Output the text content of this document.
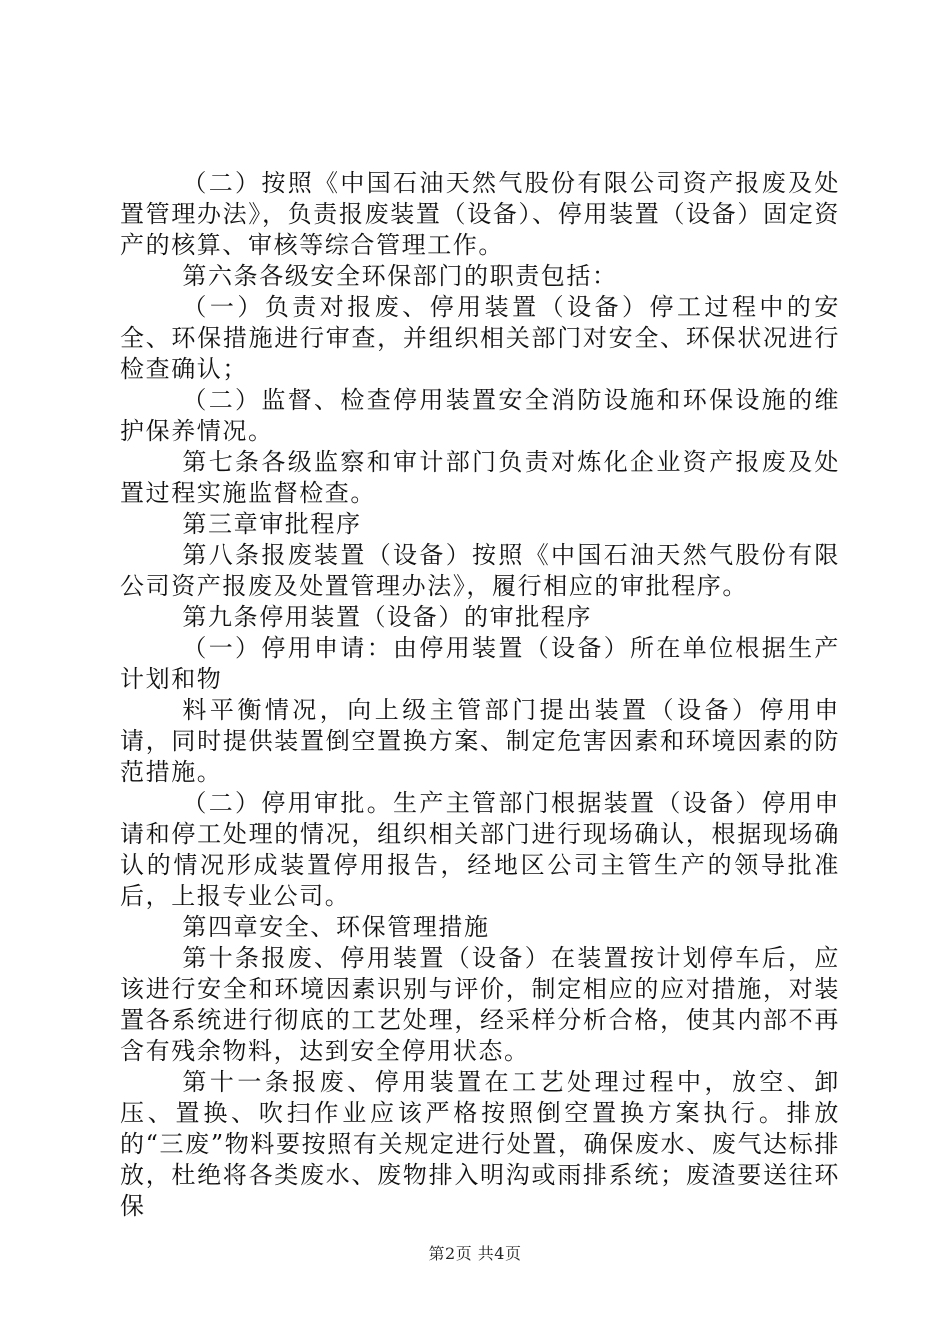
（二）按照《中国石油天然气股份有限公司资产报废及处置管理办法》，负责报废装置（设备）、停用装置（设备）固定资产的核算、审核等综合管理工作。

第六条各级安全环保部门的职责包括：

（一）负责对报废、停用装置（设备）停工过程中的安全、环保措施进行审查，并组织相关部门对安全、环保状况进行检查确认；

（二）监督、检查停用装置安全消防设施和环保设施的维护保养情况。

第七条各级监察和审计部门负责对炼化企业资产报废及处置过程实施监督检查。

第三章审批程序

第八条报废装置（设备）按照《中国石油天然气股份有限公司资产报废及处置管理办法》，履行相应的审批程序。

第九条停用装置（设备）的审批程序

（一）停用申请：由停用装置（设备）所在单位根据生产计划和物

料平衡情况，向上级主管部门提出装置（设备）停用申请，同时提供装置倒空置换方案、制定危害因素和环境因素的防范措施。

（二）停用审批。生产主管部门根据装置（设备）停用申请和停工处理的情况，组织相关部门进行现场确认，根据现场确认的情况形成装置停用报告，经地区公司主管生产的领导批准后，上报专业公司。

第四章安全、环保管理措施

第十条报废、停用装置（设备）在装置按计划停车后，应该进行安全和环境因素识别与评价，制定相应的应对措施，对装置各系统进行彻底的工艺处理，经采样分析合格，使其内部不再含有残余物料，达到安全停用状态。

第十一条报废、停用装置在工艺处理过程中，放空、卸压、置换、吹扫作业应该严格按照倒空置换方案执行。排放的“三废”物料要按照有关规定进行处置，确保废水、废气达标排放，杜绝将各类废水、废物排入明沟或雨排系统；废渣要送往环保

第2页 共4页
